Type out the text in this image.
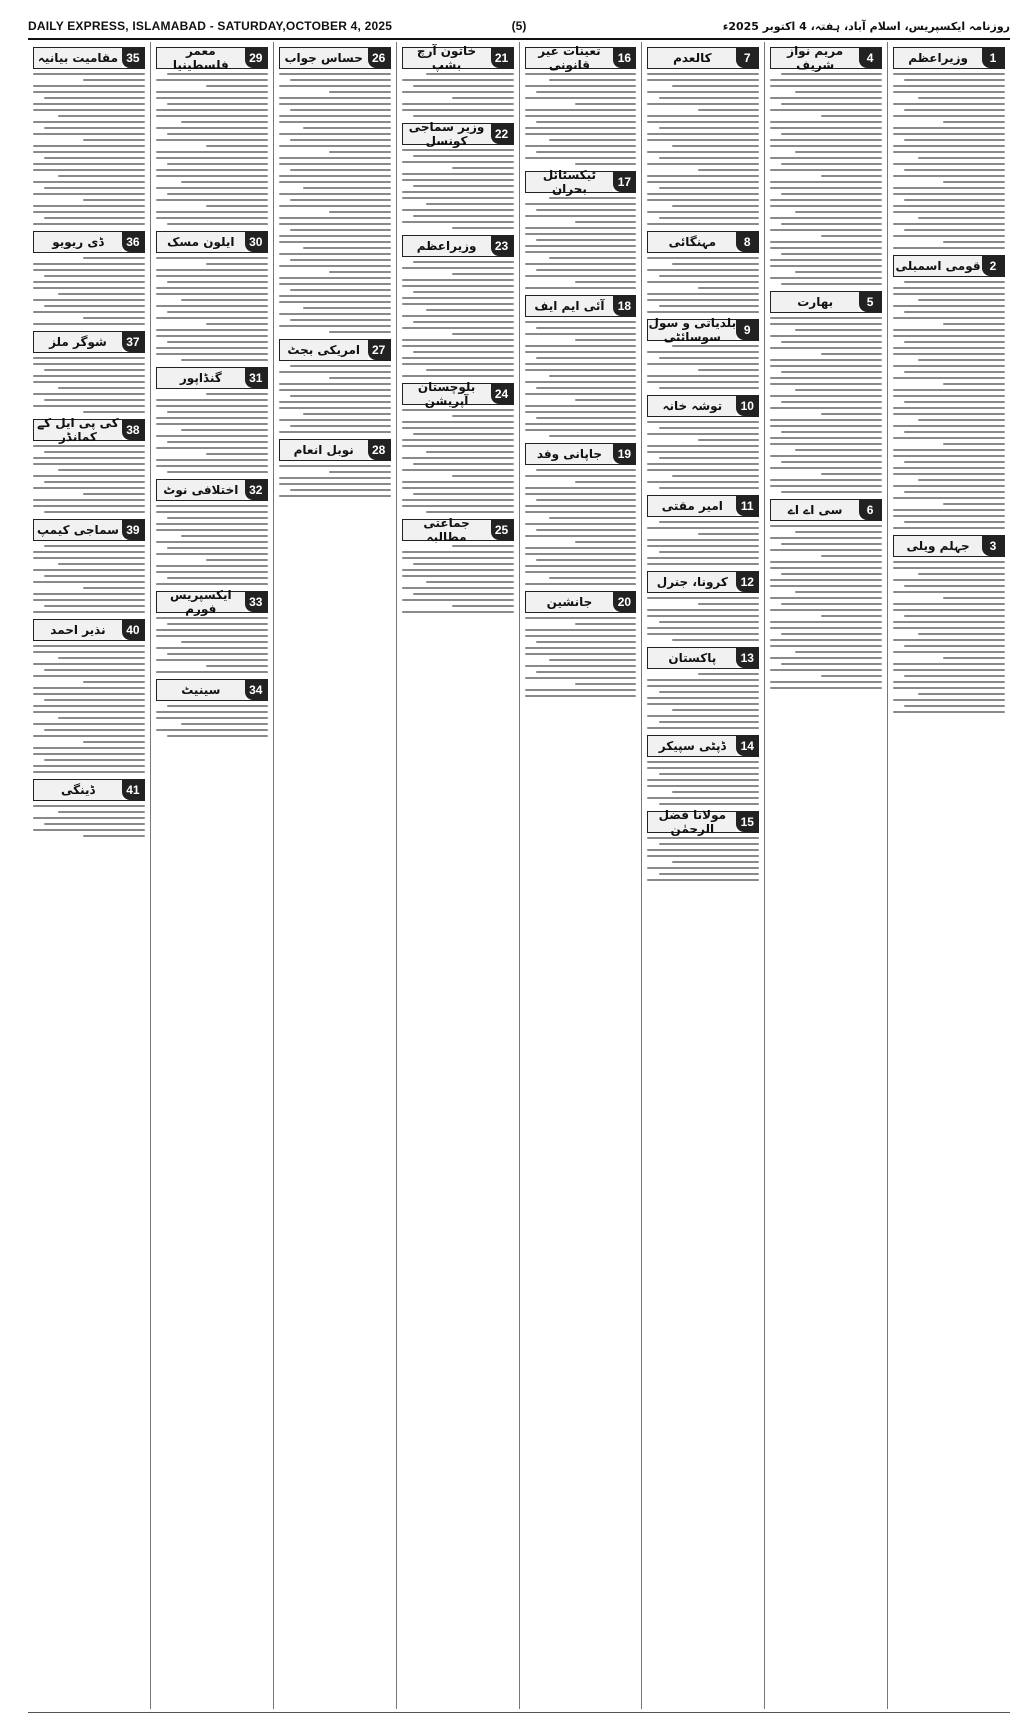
DAILY EXPRESS, ISLAMABAD - SATURDAY,OCTOBER 4, 2025	(5)	روزنامہ ایکسپریس، اسلام آباد، ہفتہ، 4 اکتوبر 2025ء
1
وزیراعظم
2
قومی اسمبلی
3
جہلم ویلی
4
مریم نواز شریف
5
بھارت
6
سی اے اے
7
کالعدم
8
مہنگائی
9
بلدیاتی و سول سوسائٹی
10
توشہ خانہ
11
امیر مقتی
12
کرونا، جنرل
13
پاکستان
14
ڈپٹی سپیکر
15
مولانا فضل الرحمٰن
16
تعینات غیر قانونی
17
ٹیکسٹائل بحران
18
آئی ایم ایف
19
جاپانی وفد
20
جانشین
21
خاتون آرچ بشپ
22
وزیر سماجی کونسل
23
وزیراعظم
24
بلوچستان آپریشن
25
جماعتی مطالبہ
26
حساس جواب
27
امریکی بجٹ
28
نوبل انعام
29
معمر فلسطینیا
30
ایلون مسک
31
گنڈاپور
32
اختلافی نوٹ
33
ایکسپریس فورم
34
سینیٹ
35
مقامیت بیانیہ
36
ڈی ریویو
37
شوگر ملز
38
کی پی ایل کے کمانڈر
39
سماجی کیمپ
40
نذیر احمد
41
ڈینگی
